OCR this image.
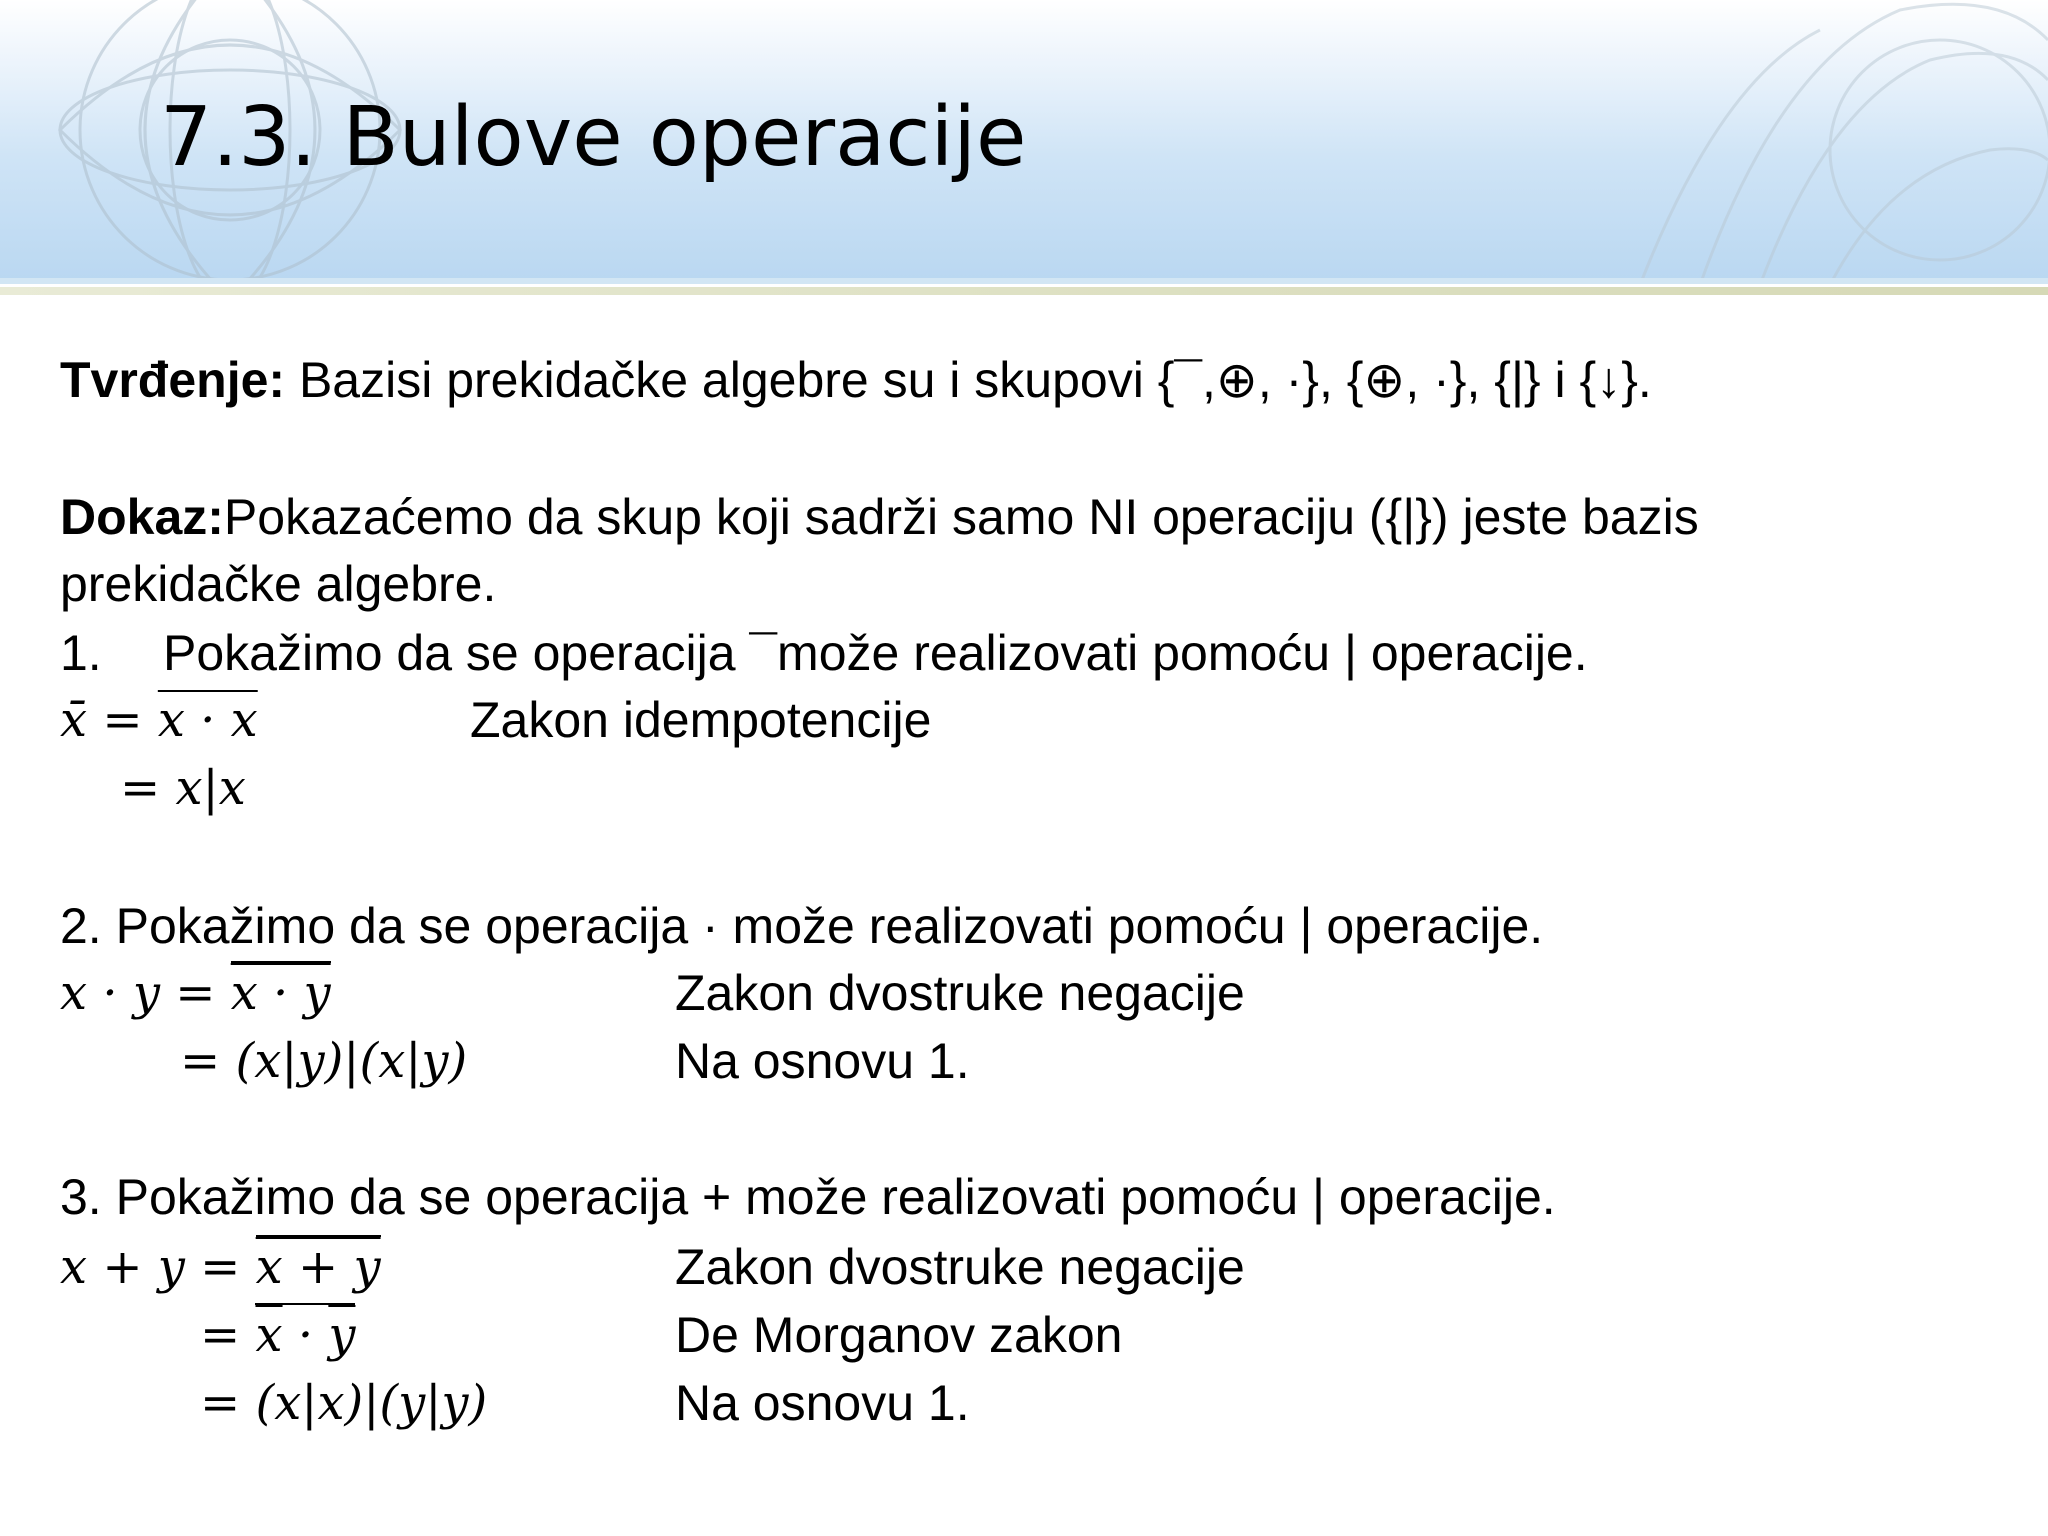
7.3. Bulove operacije
Tvrđenje: Bazisi prekidačke algebre su i skupovi {¯,⊕, ·}, {⊕, ·}, {|} i {↓}.
Dokaz:Pokazaćemo da skup koji sadrži samo NI operaciju ({|}) jeste bazis
prekidačke algebre.
1. Pokažimo da se operacija ¯može realizovati pomoću | operacije.
x̄ = x · x	Zakon idempotencije
= x|x
2. Pokažimo da se operacija · može realizovati pomoću | operacije.
x · y = x · y	Zakon dvostruke negacije
= (x|y)|(x|y)	Na osnovu 1.
3. Pokažimo da se operacija + može realizovati pomoću | operacije.
x + y = x + y	Zakon dvostruke negacije
= $\overline{x} \cdot \overline{y}$	De Morganov zakon
= (x|x)|(y|y)	Na osnovu 1.
